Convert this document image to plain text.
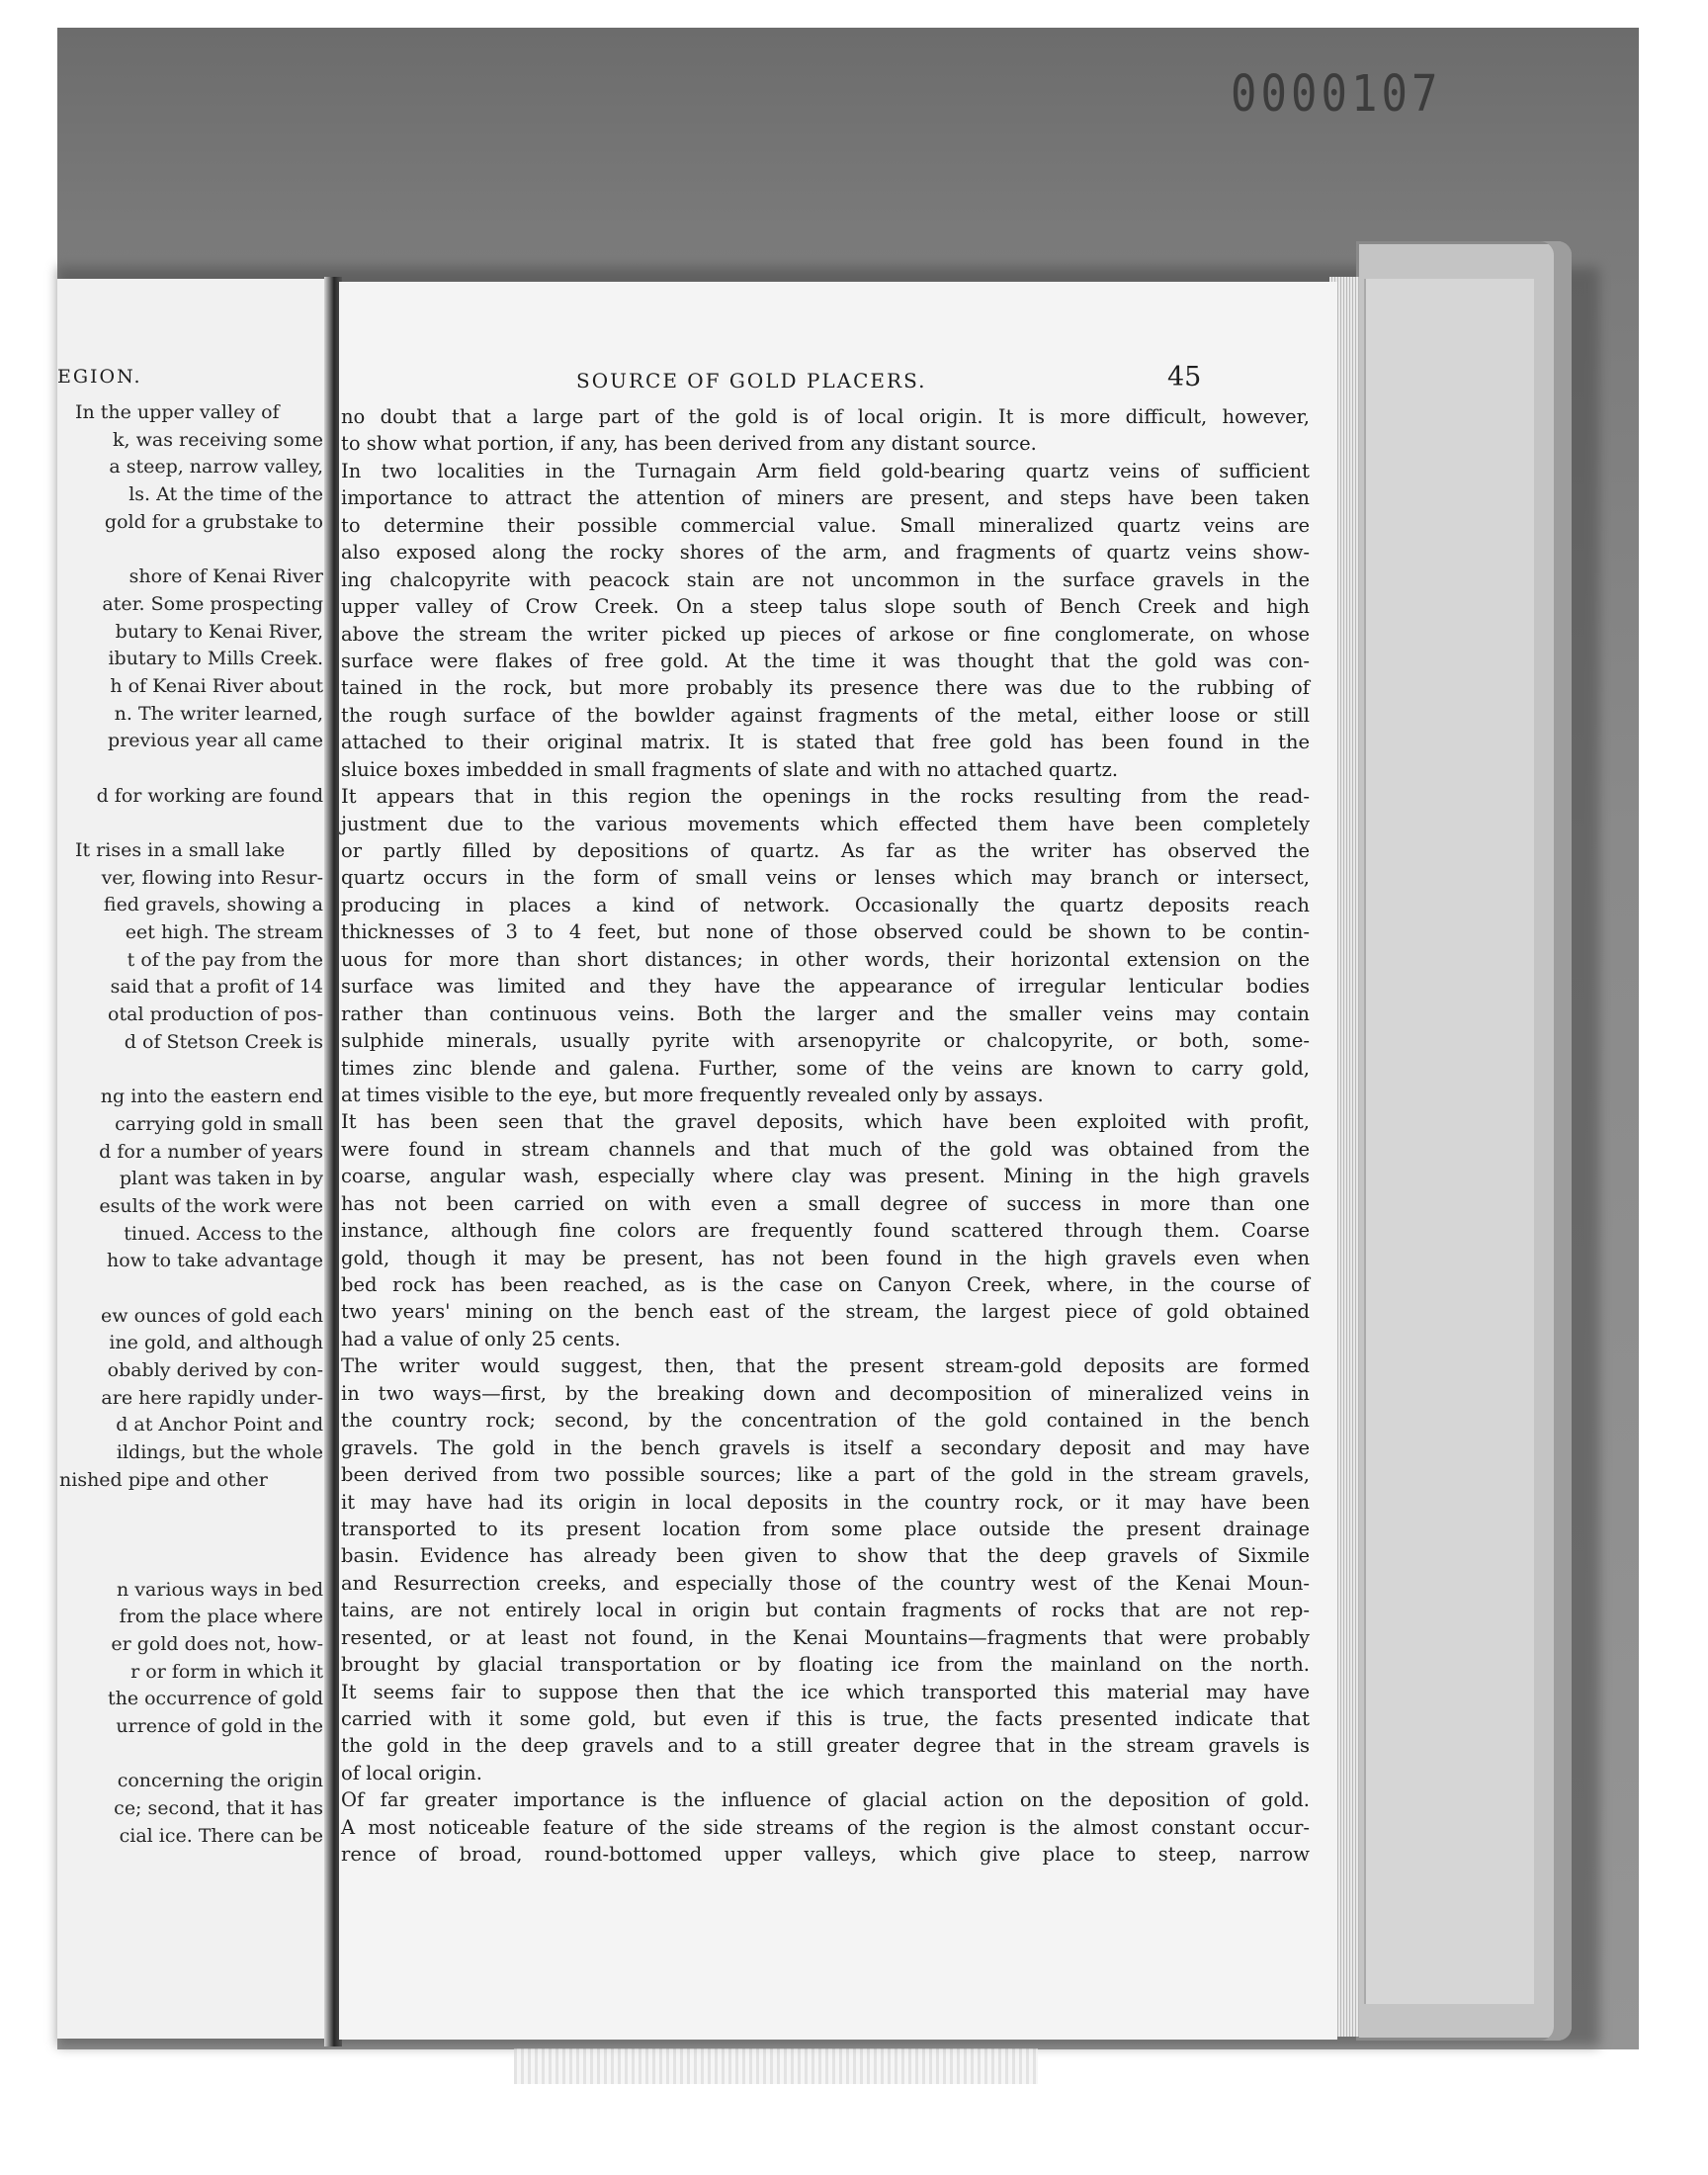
0000107
EGION.
In the upper valley of
k, was receiving some
a steep, narrow valley,
ls. At the time of the
gold for a grubstake to
shore of Kenai River
ater. Some prospecting
butary to Kenai River,
ibutary to Mills Creek.
h of Kenai River about
n. The writer learned,
previous year all came
d for working are found
It rises in a small lake
ver, flowing into Resur-
fied gravels, showing a
eet high. The stream
t of the pay from the
said that a profit of 14
otal production of pos-
d of Stetson Creek is
ng into the eastern end
carrying gold in small
d for a number of years
plant was taken in by
esults of the work were
tinued. Access to the
how to take advantage
ew ounces of gold each
ine gold, and although
obably derived by con-
are here rapidly under-
d at Anchor Point and
ildings, but the whole
nished pipe and other
n various ways in bed
from the place where
er gold does not, how-
r or form in which it
the occurrence of gold
urrence of gold in the
concerning the origin
ce; second, that it has
cial ice. There can be
SOURCE OF GOLD PLACERS.	45
no doubt that a large part of the gold is of local origin. It is more difficult, however,
to show what portion, if any, has been derived from any distant source.
In two localities in the Turnagain Arm field gold-bearing quartz veins of sufficient
importance to attract the attention of miners are present, and steps have been taken
to determine their possible commercial value. Small mineralized quartz veins are
also exposed along the rocky shores of the arm, and fragments of quartz veins show-
ing chalcopyrite with peacock stain are not uncommon in the surface gravels in the
upper valley of Crow Creek. On a steep talus slope south of Bench Creek and high
above the stream the writer picked up pieces of arkose or fine conglomerate, on whose
surface were flakes of free gold. At the time it was thought that the gold was con-
tained in the rock, but more probably its presence there was due to the rubbing of
the rough surface of the bowlder against fragments of the metal, either loose or still
attached to their original matrix. It is stated that free gold has been found in the
sluice boxes imbedded in small fragments of slate and with no attached quartz.
It appears that in this region the openings in the rocks resulting from the read-
justment due to the various movements which effected them have been completely
or partly filled by depositions of quartz. As far as the writer has observed the
quartz occurs in the form of small veins or lenses which may branch or intersect,
producing in places a kind of network. Occasionally the quartz deposits reach
thicknesses of 3 to 4 feet, but none of those observed could be shown to be contin-
uous for more than short distances; in other words, their horizontal extension on the
surface was limited and they have the appearance of irregular lenticular bodies
rather than continuous veins. Both the larger and the smaller veins may contain
sulphide minerals, usually pyrite with arsenopyrite or chalcopyrite, or both, some-
times zinc blende and galena. Further, some of the veins are known to carry gold,
at times visible to the eye, but more frequently revealed only by assays.
It has been seen that the gravel deposits, which have been exploited with profit,
were found in stream channels and that much of the gold was obtained from the
coarse, angular wash, especially where clay was present. Mining in the high gravels
has not been carried on with even a small degree of success in more than one
instance, although fine colors are frequently found scattered through them. Coarse
gold, though it may be present, has not been found in the high gravels even when
bed rock has been reached, as is the case on Canyon Creek, where, in the course of
two years' mining on the bench east of the stream, the largest piece of gold obtained
had a value of only 25 cents.
The writer would suggest, then, that the present stream-gold deposits are formed
in two ways—first, by the breaking down and decomposition of mineralized veins in
the country rock; second, by the concentration of the gold contained in the bench
gravels. The gold in the bench gravels is itself a secondary deposit and may have
been derived from two possible sources; like a part of the gold in the stream gravels,
it may have had its origin in local deposits in the country rock, or it may have been
transported to its present location from some place outside the present drainage
basin. Evidence has already been given to show that the deep gravels of Sixmile
and Resurrection creeks, and especially those of the country west of the Kenai Moun-
tains, are not entirely local in origin but contain fragments of rocks that are not rep-
resented, or at least not found, in the Kenai Mountains—fragments that were probably
brought by glacial transportation or by floating ice from the mainland on the north.
It seems fair to suppose then that the ice which transported this material may have
carried with it some gold, but even if this is true, the facts presented indicate that
the gold in the deep gravels and to a still greater degree that in the stream gravels is
of local origin.
Of far greater importance is the influence of glacial action on the deposition of gold.
A most noticeable feature of the side streams of the region is the almost constant occur-
rence of broad, round-bottomed upper valleys, which give place to steep, narrow
